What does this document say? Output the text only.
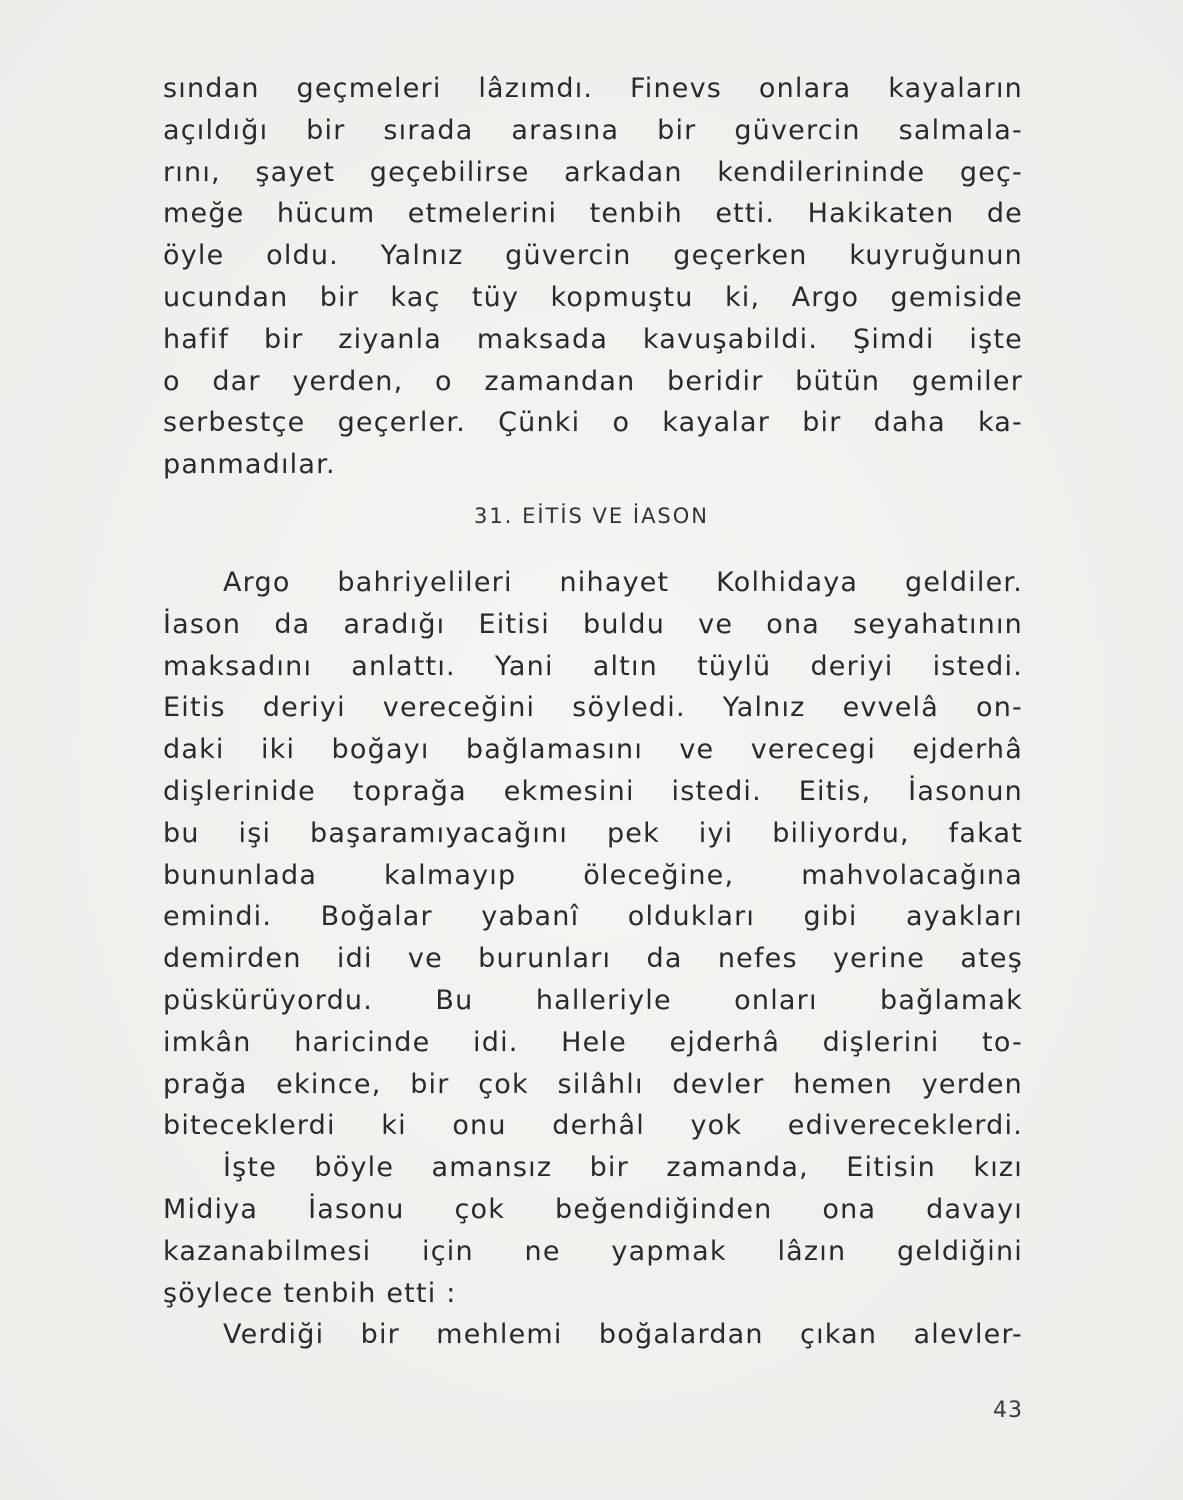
sından geçmeleri lâzımdı. Finevs onlara kayaların
açıldığı bir sırada arasına bir güvercin salmala-
rını, şayet geçebilirse arkadan kendilerininde geç-
meğe hücum etmelerini tenbih etti. Hakikaten de
öyle oldu. Yalnız güvercin geçerken kuyruğunun
ucundan bir kaç tüy kopmuştu ki, Argo gemiside
hafif bir ziyanla maksada kavuşabildi. Şimdi işte
o dar yerden, o zamandan beridir bütün gemiler
serbestçe geçerler. Çünki o kayalar bir daha ka-
panmadılar.
31. EİTİS VE İASON
Argo bahriyelileri nihayet Kolhidaya geldiler.
İason da aradığı Eitisi buldu ve ona seyahatının
maksadını anlattı. Yani altın tüylü deriyi istedi.
Eitis deriyi vereceğini söyledi. Yalnız evvelâ on-
daki iki boğayı bağlamasını ve verecegi ejderhâ
dişlerinide toprağa ekmesini istedi. Eitis, İasonun
bu işi başaramıyacağını pek iyi biliyordu, fakat
bununlada kalmayıp öleceğine, mahvolacağına
emindi. Boğalar yabanî oldukları gibi ayakları
demirden idi ve burunları da nefes yerine ateş
püskürüyordu. Bu halleriyle onları bağlamak
imkân haricinde idi. Hele ejderhâ dişlerini to-
prağa ekince, bir çok silâhlı devler hemen yerden
biteceklerdi ki onu derhâl yok edivereceklerdi.
İşte böyle amansız bir zamanda, Eitisin kızı
Midiya İasonu çok beğendiğinden ona davayı
kazanabilmesi için ne yapmak lâzın geldiğini
şöylece tenbih etti :
Verdiği bir mehlemi boğalardan çıkan alevler-
43
